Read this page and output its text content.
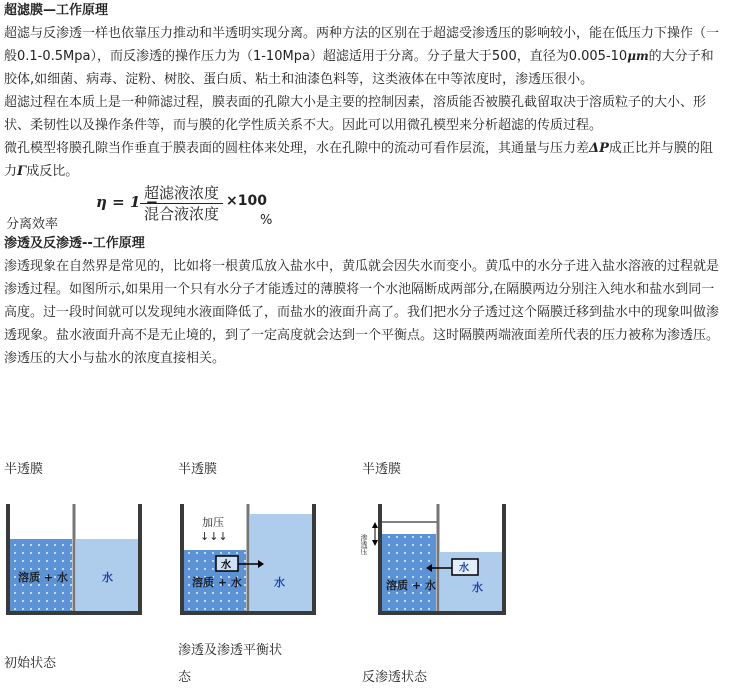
超滤膜—工作原理

超滤与反渗透一样也依靠压力推动和半透明实现分离。两种方法的区别在于超滤受渗透压的影响较小，能在低压力下操作（一般0.1-0.5Mpa），而反渗透的操作压力为（1-10Mpa）超滤适用于分离。分子量大于500，直径为0.005-10μm的大分子和胶体,如细菌、病毒、淀粉、树胶、蛋白质、粘土和油漆色料等，这类液体在中等浓度时，渗透压很小。

超滤过程在本质上是一种筛滤过程，膜表面的孔隙大小是主要的控制因素，溶质能否被膜孔截留取决于溶质粒子的大小、形状、柔韧性以及操作条件等，而与膜的化学性质关系不大。因此可以用微孔模型来分析超滤的传质过程。

微孔模型将膜孔隙当作垂直于膜表面的圆柱体来处理，水在孔隙中的流动可看作层流，其通量与压力差ΔP成正比并与膜的阻力Γ成反比。

分离效率
η = 1 −
超滤液浓度
混合液浓度
×100
%
渗透及反渗透--工作原理

渗透现象在自然界是常见的，比如将一根黄瓜放入盐水中，黄瓜就会因失水而变小。黄瓜中的水分子进入盐水溶液的过程就是渗透过程。如图所示,如果用一个只有水分子才能透过的薄膜将一个水池隔断成两部分,在隔膜两边分别注入纯水和盐水到同一高度。过一段时间就可以发现纯水液面降低了，而盐水的液面升高了。我们把水分子透过这个隔膜迁移到盐水中的现象叫做渗透现象。盐水液面升高不是无止境的，到了一定高度就会达到一个平衡点。这时隔膜两端液面差所代表的压力被称为渗透压。渗透压的大小与盐水的浓度直接相关。

半透膜
溶质 + 水	水
初始状态
半透膜
加压
↓↓↓
水
溶质 + 水	水
渗透及渗透平衡状
态
半透膜
渗透压
水
溶质 + 水	水
反渗透状态
